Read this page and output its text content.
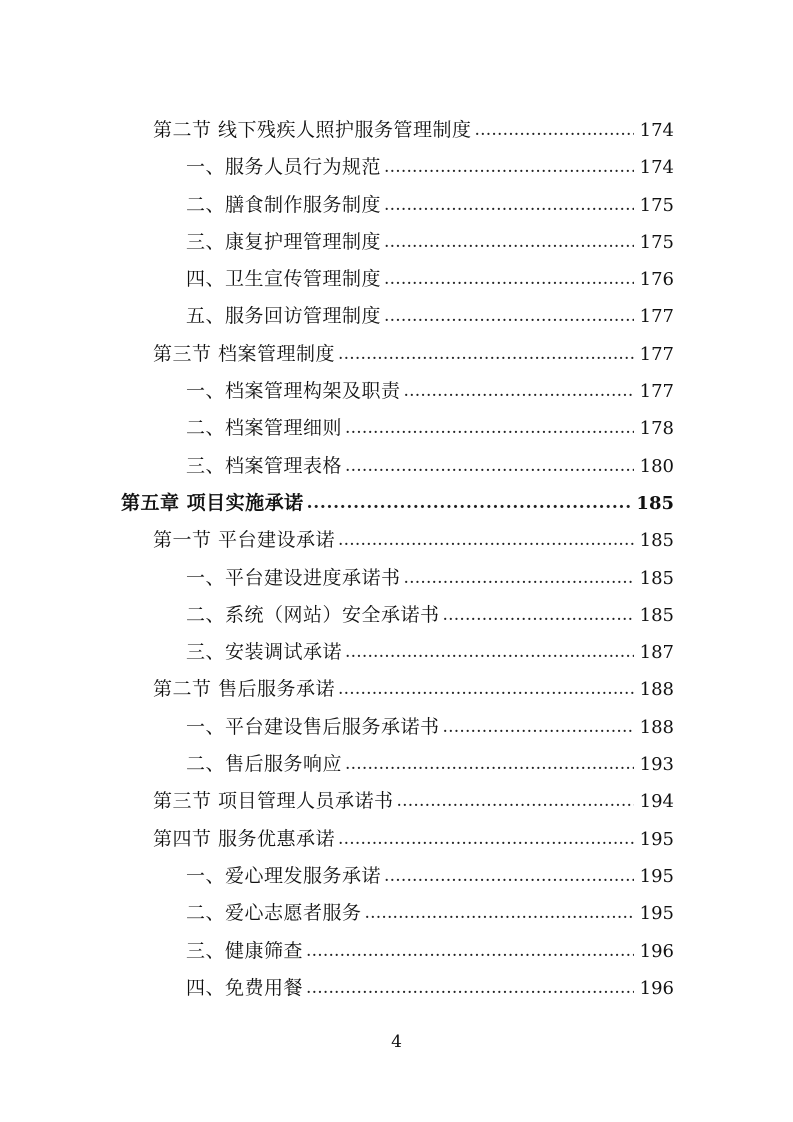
第二节 线下残疾人照护服务管理制度 . . .	174
一、服务人员行为规范 . . .	174
二、膳食制作服务制度 . . .	175
三、康复护理管理制度 . . .	175
四、卫生宣传管理制度 . . .	176
五、服务回访管理制度 . . .	177
第三节 档案管理制度 . . .	177
一、档案管理构架及职责 . . .	177
二、档案管理细则 . . .	178
三、档案管理表格 . . .	180
第五章 项目实施承诺 . . .	185
第一节 平台建设承诺 . . .	185
一、平台建设进度承诺书 . . .	185
二、系统（网站）安全承诺书 . . .	185
三、安装调试承诺 . . .	187
第二节 售后服务承诺 . . .	188
一、平台建设售后服务承诺书 . . .	188
二、售后服务响应 . . .	193
第三节 项目管理人员承诺书 . . .	194
第四节 服务优惠承诺 . . .	195
一、爱心理发服务承诺 . . .	195
二、爱心志愿者服务 . . .	195
三、健康筛查 . . .	196
四、免费用餐 . . .	196
4
